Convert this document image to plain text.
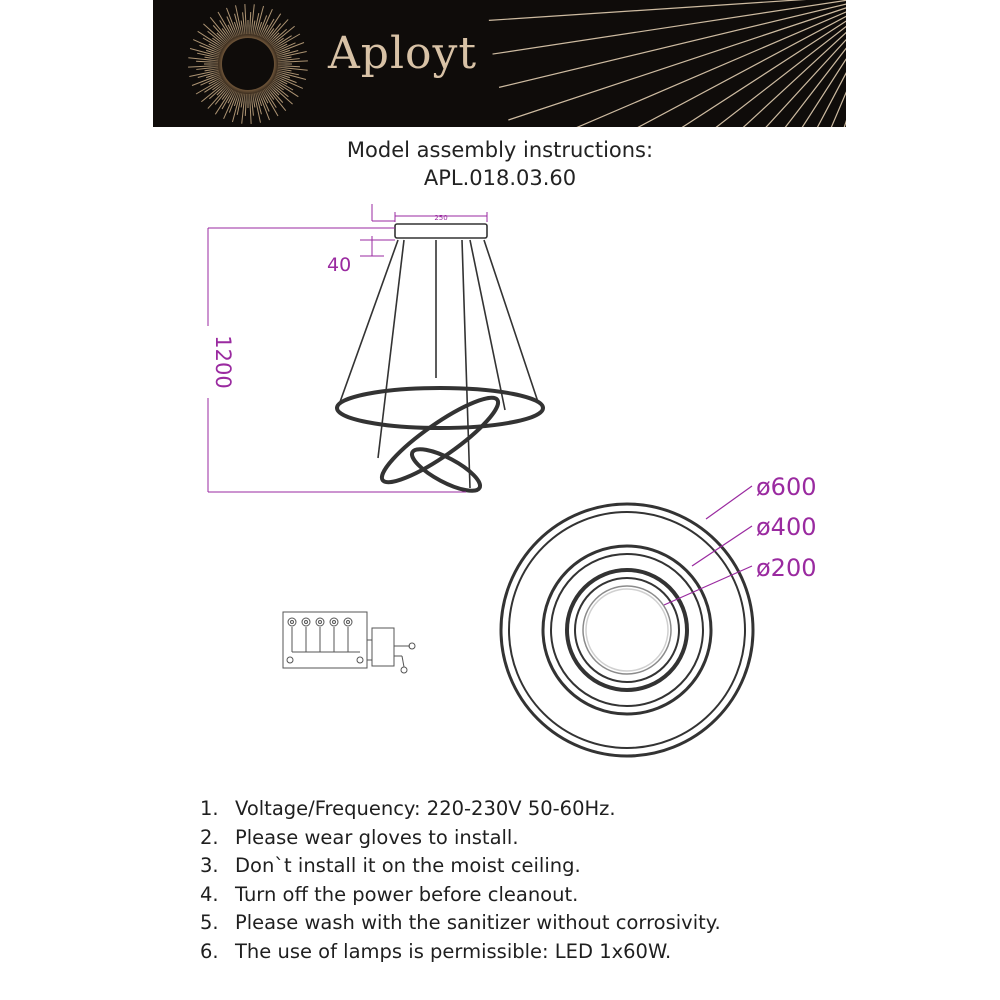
Aployt
Model assembly instructions:
APL.018.03.60
250
40
1200
ø600
ø400
ø200
1. Voltage/Frequency: 220-230V 50-60Hz.
2. Please wear gloves to install.
3. Don`t install it on the moist ceiling.
4. Turn off the power before cleanout.
5. Please wash with the sanitizer without corrosivity.
6. The use of lamps is permissible: LED 1x60W.
